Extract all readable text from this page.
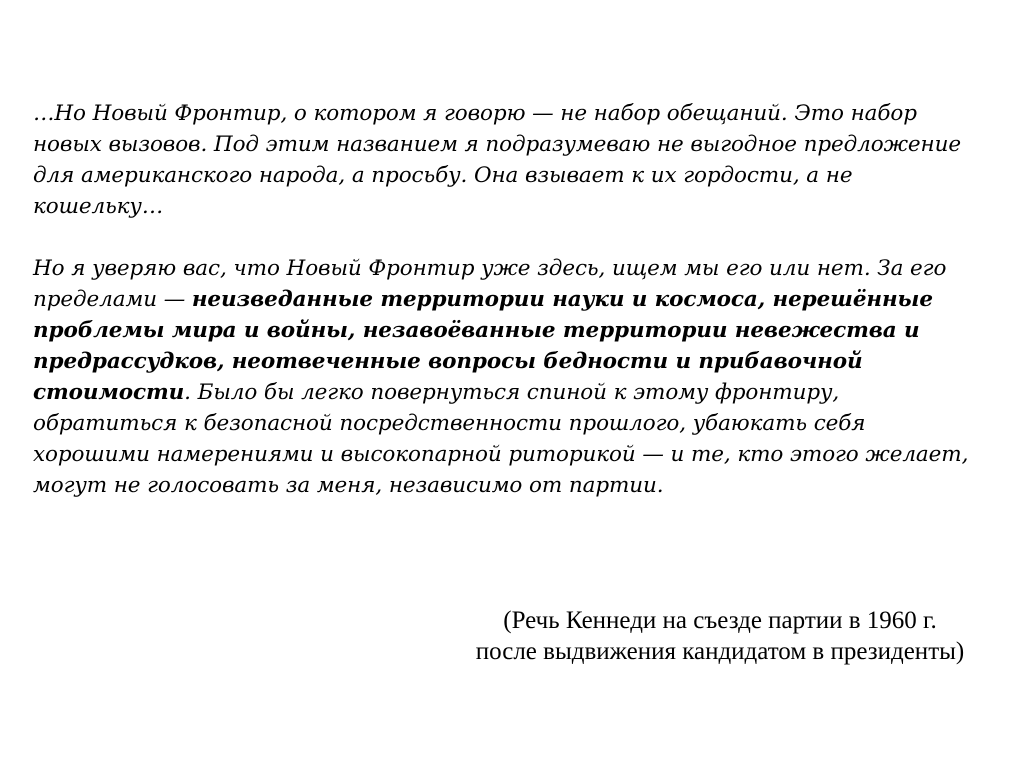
…Но Новый Фронтир, о котором я говорю — не набор обещаний. Это набор новых вызовов. Под этим названием я подразумеваю не выгодное предложение для американского народа, а просьбу. Она взывает к их гордости, а не кошельку…

Но я уверяю вас, что Новый Фронтир уже здесь, ищем мы его или нет. За его пределами — неизведанные территории науки и космоса, нерешённые проблемы мира и войны, незавоёванные территории невежества и предрассудков, неотвеченные вопросы бедности и прибавочной стоимости. Было бы легко повернуться спиной к этому фронтиру, обратиться к безопасной посредственности прошлого, убаюкать себя хорошими намерениями и высокопарной риторикой — и те, кто этого желает, могут не голосовать за меня, независимо от партии.

(Речь Кеннеди на съезде партии в 1960 г. после выдвижения кандидатом в президенты)
